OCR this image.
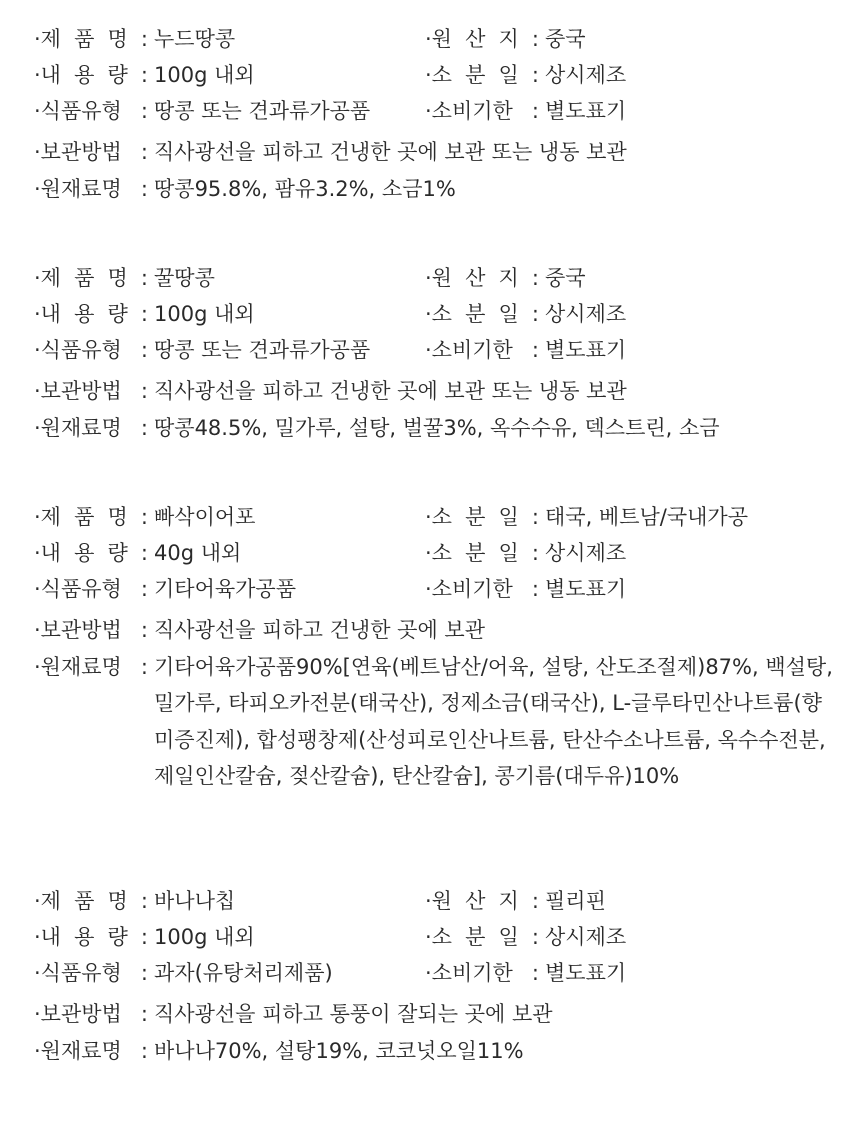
·제 품 명 : 누드땅콩	·원 산 지 : 중국
·내 용 량 : 100g 내외	·소 분 일 : 상시제조
·식품유형 : 땅콩 또는 견과류가공품	·소비기한 : 별도표기
·보관방법 : 직사광선을 피하고 건냉한 곳에 보관 또는 냉동 보관
·원재료명 : 땅콩95.8%, 팜유3.2%, 소금1%
·제 품 명 : 꿀땅콩	·원 산 지 : 중국
·내 용 량 : 100g 내외	·소 분 일 : 상시제조
·식품유형 : 땅콩 또는 견과류가공품	·소비기한 : 별도표기
·보관방법 : 직사광선을 피하고 건냉한 곳에 보관 또는 냉동 보관
·원재료명 : 땅콩48.5%, 밀가루, 설탕, 벌꿀3%, 옥수수유, 덱스트린, 소금
·제 품 명 : 빠삭이어포	·소 분 일 : 태국, 베트남/국내가공
·내 용 량 : 40g 내외	·소 분 일 : 상시제조
·식품유형 : 기타어육가공품	·소비기한 : 별도표기
·보관방법 : 직사광선을 피하고 건냉한 곳에 보관
·원재료명 : 기타어육가공품90%[연육(베트남산/어육, 설탕, 산도조절제)87%, 백설탕, 밀가루, 타피오카전분(태국산), 정제소금(태국산), L-글루타민산나트륨(향미증진제), 합성팽창제(산성피로인산나트륨, 탄산수소나트륨, 옥수수전분, 제일인산칼슘, 젖산칼슘), 탄산칼슘], 콩기름(대두유)10%
·제 품 명 : 바나나칩	·원 산 지 : 필리핀
·내 용 량 : 100g 내외	·소 분 일 : 상시제조
·식품유형 : 과자(유탕처리제품)	·소비기한 : 별도표기
·보관방법 : 직사광선을 피하고 통풍이 잘되는 곳에 보관
·원재료명 : 바나나70%, 설탕19%, 코코넛오일11%
